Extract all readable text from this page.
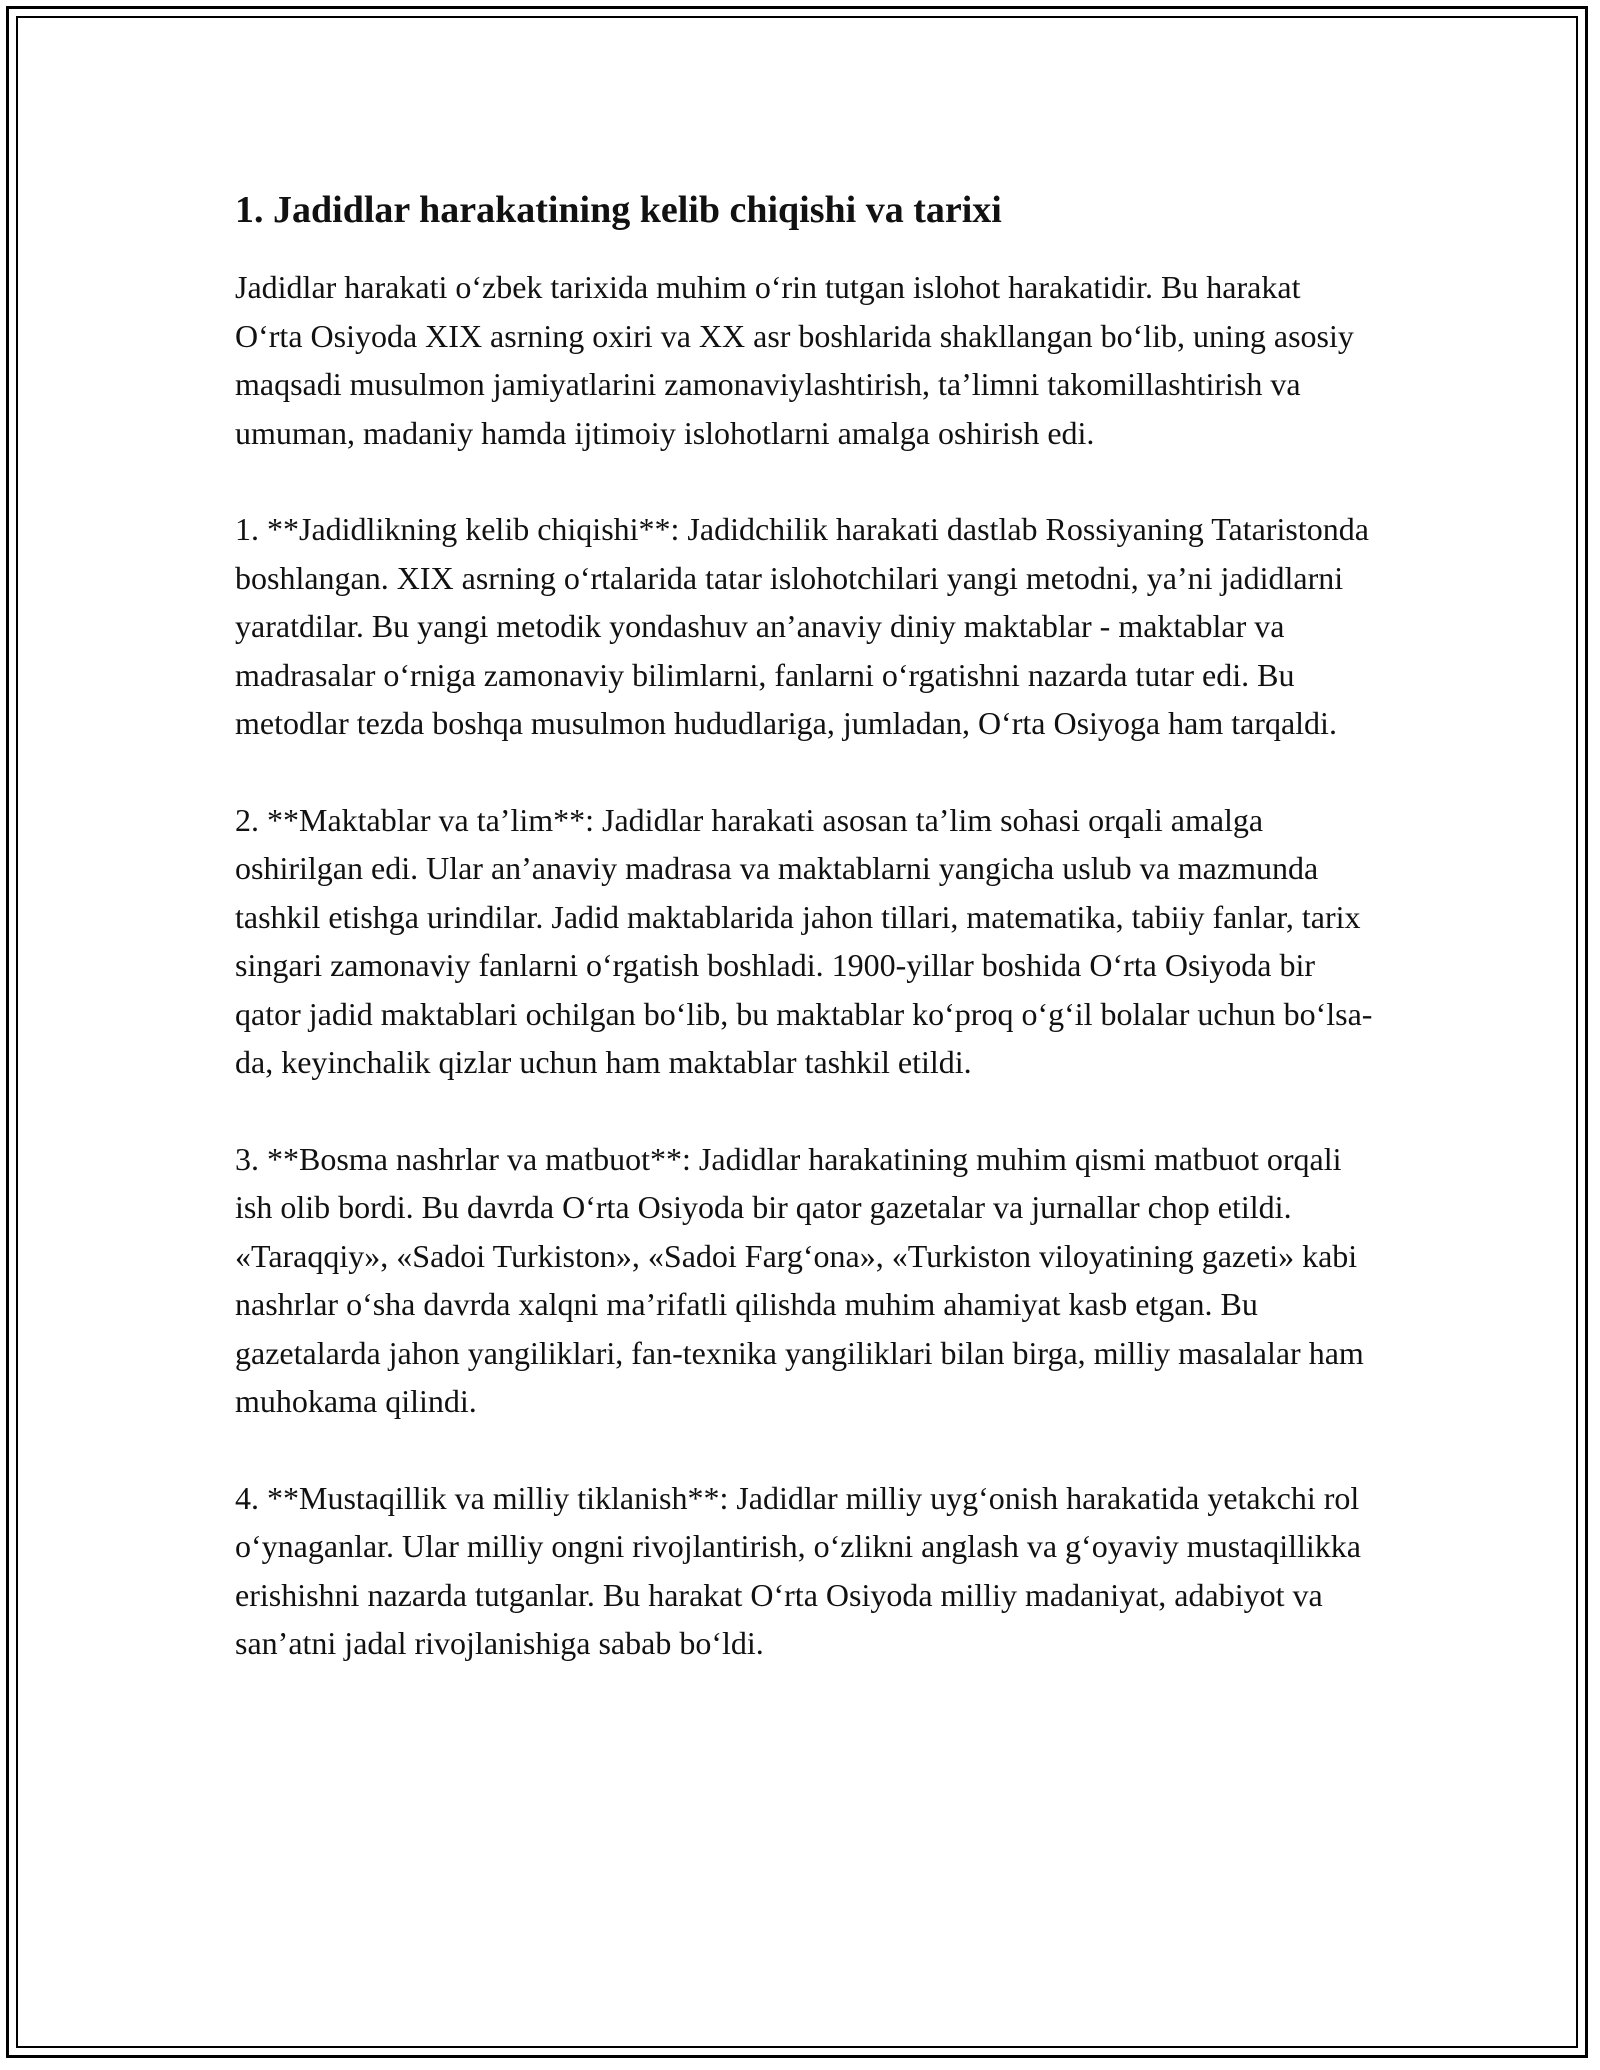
1. Jadidlar harakatining kelib chiqishi va tarixi

Jadidlar harakati oʻzbek tarixida muhim oʻrin tutgan islohot harakatidir. Bu harakat Oʻrta Osiyoda XIX asrning oxiri va XX asr boshlarida shakllangan boʻlib, uning asosiy maqsadi musulmon jamiyatlarini zamonaviylashtirish, taʼlimni takomillashtirish va umuman, madaniy hamda ijtimoiy islohotlarni amalga oshirish edi.

1. **Jadidlikning kelib chiqishi**: Jadidchilik harakati dastlab Rossiyaning Tataristonda boshlangan. XIX asrning oʻrtalarida tatar islohotchilari yangi metodni, yaʼni jadidlarni yaratdilar. Bu yangi metodik yondashuv anʼanaviy diniy maktablar - maktablar va madrasalar oʻrniga zamonaviy bilimlarni, fanlarni oʻrgatishni nazarda tutar edi. Bu metodlar tezda boshqa musulmon hududlariga, jumladan, Oʻrta Osiyoga ham tarqaldi.

2. **Maktablar va taʼlim**: Jadidlar harakati asosan taʼlim sohasi orqali amalga oshirilgan edi. Ular anʼanaviy madrasa va maktablarni yangicha uslub va mazmunda tashkil etishga urindilar. Jadid maktablarida jahon tillari, matematika, tabiiy fanlar, tarix singari zamonaviy fanlarni oʻrgatish boshladi. 1900-yillar boshida Oʻrta Osiyoda bir qator jadid maktablari ochilgan boʻlib, bu maktablar koʻproq oʻgʻil bolalar uchun boʻlsa-da, keyinchalik qizlar uchun ham maktablar tashkil etildi.

3. **Bosma nashrlar va matbuot**: Jadidlar harakatining muhim qismi matbuot orqali ish olib bordi. Bu davrda Oʻrta Osiyoda bir qator gazetalar va jurnallar chop etildi. «Taraqqiy», «Sadoi Turkiston», «Sadoi Fargʻona», «Turkiston viloyatining gazeti» kabi nashrlar oʻsha davrda xalqni maʼrifatli qilishda muhim ahamiyat kasb etgan. Bu gazetalarda jahon yangiliklari, fan-texnika yangiliklari bilan birga, milliy masalalar ham muhokama qilindi.

4. **Mustaqillik va milliy tiklanish**: Jadidlar milliy uygʻonish harakatida yetakchi rol oʻynaganlar. Ular milliy ongni rivojlantirish, oʻzlikni anglash va gʻoyaviy mustaqillikka erishishni nazarda tutganlar. Bu harakat Oʻrta Osiyoda milliy madaniyat, adabiyot va sanʼatni jadal rivojlanishiga sabab boʻldi.
